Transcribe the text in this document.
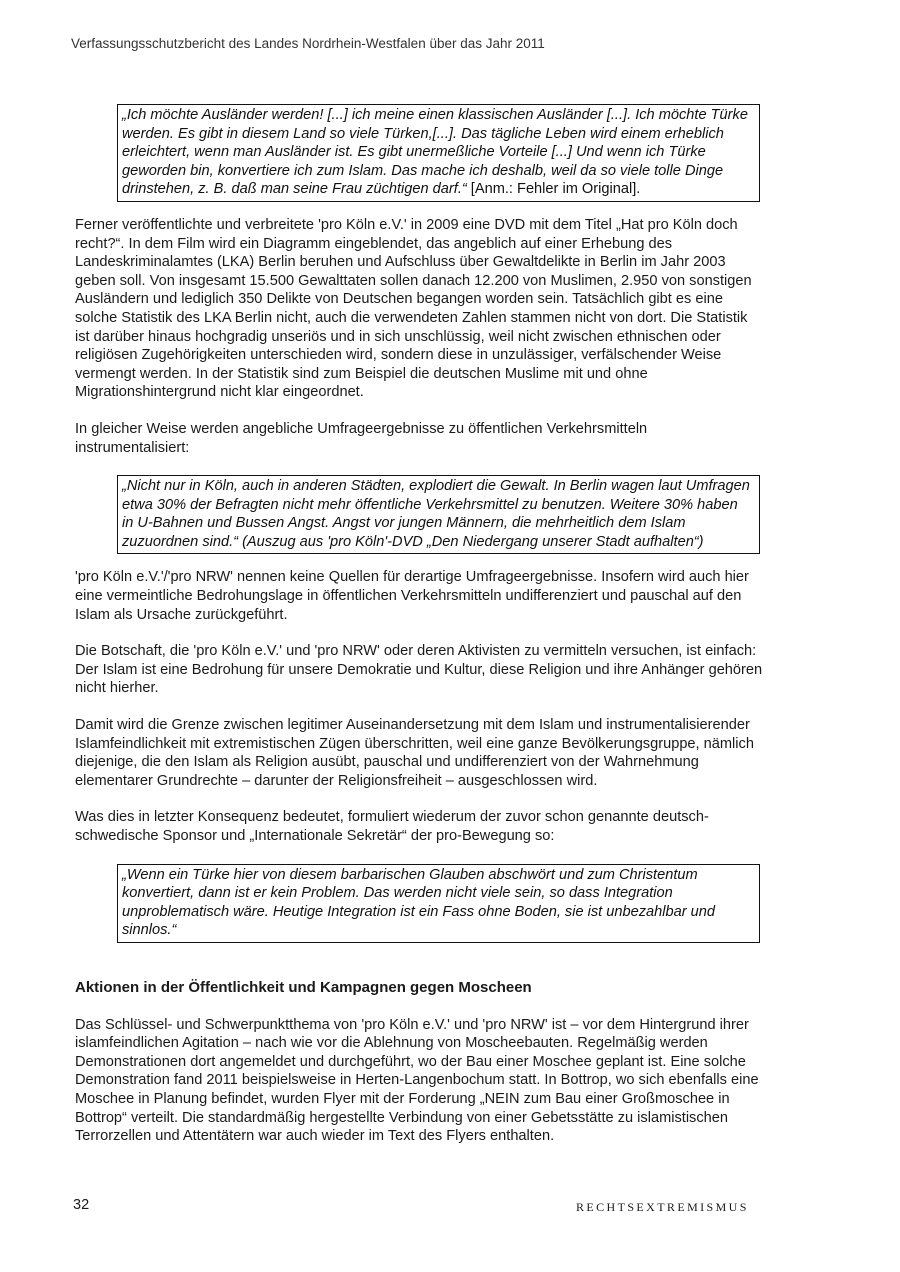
Verfassungsschutzbericht des Landes Nordrhein-Westfalen über das Jahr 2011
„Ich möchte Ausländer werden! [...] ich meine einen klassischen Ausländer [...]. Ich möchte Türke werden. Es gibt in diesem Land so viele Türken,[...]. Das tägliche Leben wird einem erheblich erleichtert, wenn man Ausländer ist. Es gibt unermeßliche Vorteile [...] Und wenn ich Türke geworden bin, konvertiere ich zum Islam. Das mache ich deshalb, weil da so viele tolle Dinge drinstehen, z. B. daß man seine Frau züchtigen darf.“ [Anm.: Fehler im Original].

Ferner veröffentlichte und verbreitete 'pro Köln e.V.' in 2009 eine DVD mit dem Titel „Hat pro Köln doch recht?“. In dem Film wird ein Diagramm eingeblendet, das angeblich auf einer Erhebung des Landeskriminalamtes (LKA) Berlin beruhen und Aufschluss über Gewaltdelikte in Berlin im Jahr 2003 geben soll. Von insgesamt 15.500 Gewalttaten sollen danach 12.200 von Muslimen, 2.950 von sonstigen Ausländern und lediglich 350 Delikte von Deutschen begangen worden sein. Tatsächlich gibt es eine solche Statistik des LKA Berlin nicht, auch die verwendeten Zahlen stammen nicht von dort. Die Statistik ist darüber hinaus hochgradig unseriös und in sich unschlüssig, weil nicht zwischen ethnischen oder religiösen Zugehörigkeiten unterschieden wird, sondern diese in unzulässiger, verfälschender Weise vermengt werden. In der Statistik sind zum Beispiel die deutschen Muslime mit und ohne Migrationshintergrund nicht klar eingeordnet.

In gleicher Weise werden angebliche Umfrageergebnisse zu öffentlichen Verkehrsmitteln instrumentalisiert:

„Nicht nur in Köln, auch in anderen Städten, explodiert die Gewalt. In Berlin wagen laut Umfragen etwa 30% der Befragten nicht mehr öffentliche Verkehrsmittel zu benutzen. Weitere 30% haben in U-Bahnen und Bussen Angst. Angst vor jungen Männern, die mehrheitlich dem Islam zuzuordnen sind.“ (Auszug aus 'pro Köln'-DVD „Den Niedergang unserer Stadt aufhalten“)

'pro Köln e.V.'/'pro NRW' nennen keine Quellen für derartige Umfrageergebnisse. Insofern wird auch hier eine vermeintliche Bedrohungslage in öffentlichen Verkehrsmitteln undifferenziert und pauschal auf den Islam als Ursache zurückgeführt.

Die Botschaft, die 'pro Köln e.V.' und 'pro NRW' oder deren Aktivisten zu vermitteln versuchen, ist einfach: Der Islam ist eine Bedrohung für unsere Demokratie und Kultur, diese Religion und ihre Anhänger gehören nicht hierher.

Damit wird die Grenze zwischen legitimer Auseinandersetzung mit dem Islam und instrumentalisierender Islamfeindlichkeit mit extremistischen Zügen überschritten, weil eine ganze Bevölkerungsgruppe, nämlich diejenige, die den Islam als Religion ausübt, pauschal und undifferenziert von der Wahrnehmung elementarer Grundrechte – darunter der Religionsfreiheit – ausgeschlossen wird.

Was dies in letzter Konsequenz bedeutet, formuliert wiederum der zuvor schon genannte deutsch-schwedische Sponsor und „Internationale Sekretär“ der pro-Bewegung so:

„Wenn ein Türke hier von diesem barbarischen Glauben abschwört und zum Christentum konvertiert, dann ist er kein Problem. Das werden nicht viele sein, so dass Integration unproblematisch wäre. Heutige Integration ist ein Fass ohne Boden, sie ist unbezahlbar und sinnlos.“
Aktionen in der Öffentlichkeit und Kampagnen gegen Moscheen

Das Schlüssel- und Schwerpunktthema von 'pro Köln e.V.' und 'pro NRW' ist – vor dem Hintergrund ihrer islamfeindlichen Agitation – nach wie vor die Ablehnung von Moscheebauten. Regelmäßig werden Demonstrationen dort angemeldet und durchgeführt, wo der Bau einer Moschee geplant ist. Eine solche Demonstration fand 2011 beispielsweise in Herten-Langenbochum statt. In Bottrop, wo sich ebenfalls eine Moschee in Planung befindet, wurden Flyer mit der Forderung „NEIN zum Bau einer Großmoschee in Bottrop“ verteilt. Die standardmäßig hergestellte Verbindung von einer Gebetsstätte zu islamistischen Terrorzellen und Attentätern war auch wieder im Text des Flyers enthalten.

32	RECHTSEXTREMISMUS
